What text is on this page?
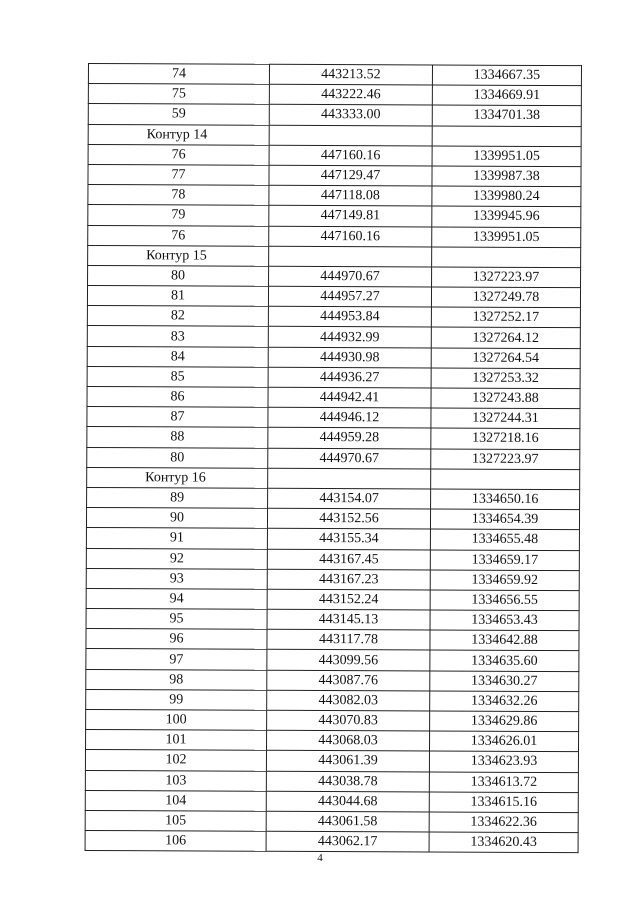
74	443213.52	1334667.35
75	443222.46	1334669.91
59	443333.00	1334701.38
Контур 14		
76	447160.16	1339951.05
77	447129.47	1339987.38
78	447118.08	1339980.24
79	447149.81	1339945.96
76	447160.16	1339951.05
Контур 15		
80	444970.67	1327223.97
81	444957.27	1327249.78
82	444953.84	1327252.17
83	444932.99	1327264.12
84	444930.98	1327264.54
85	444936.27	1327253.32
86	444942.41	1327243.88
87	444946.12	1327244.31
88	444959.28	1327218.16
80	444970.67	1327223.97
Контур 16		
89	443154.07	1334650.16
90	443152.56	1334654.39
91	443155.34	1334655.48
92	443167.45	1334659.17
93	443167.23	1334659.92
94	443152.24	1334656.55
95	443145.13	1334653.43
96	443117.78	1334642.88
97	443099.56	1334635.60
98	443087.76	1334630.27
99	443082.03	1334632.26
100	443070.83	1334629.86
101	443068.03	1334626.01
102	443061.39	1334623.93
103	443038.78	1334613.72
104	443044.68	1334615.16
105	443061.58	1334622.36
106	443062.17	1334620.43
4
